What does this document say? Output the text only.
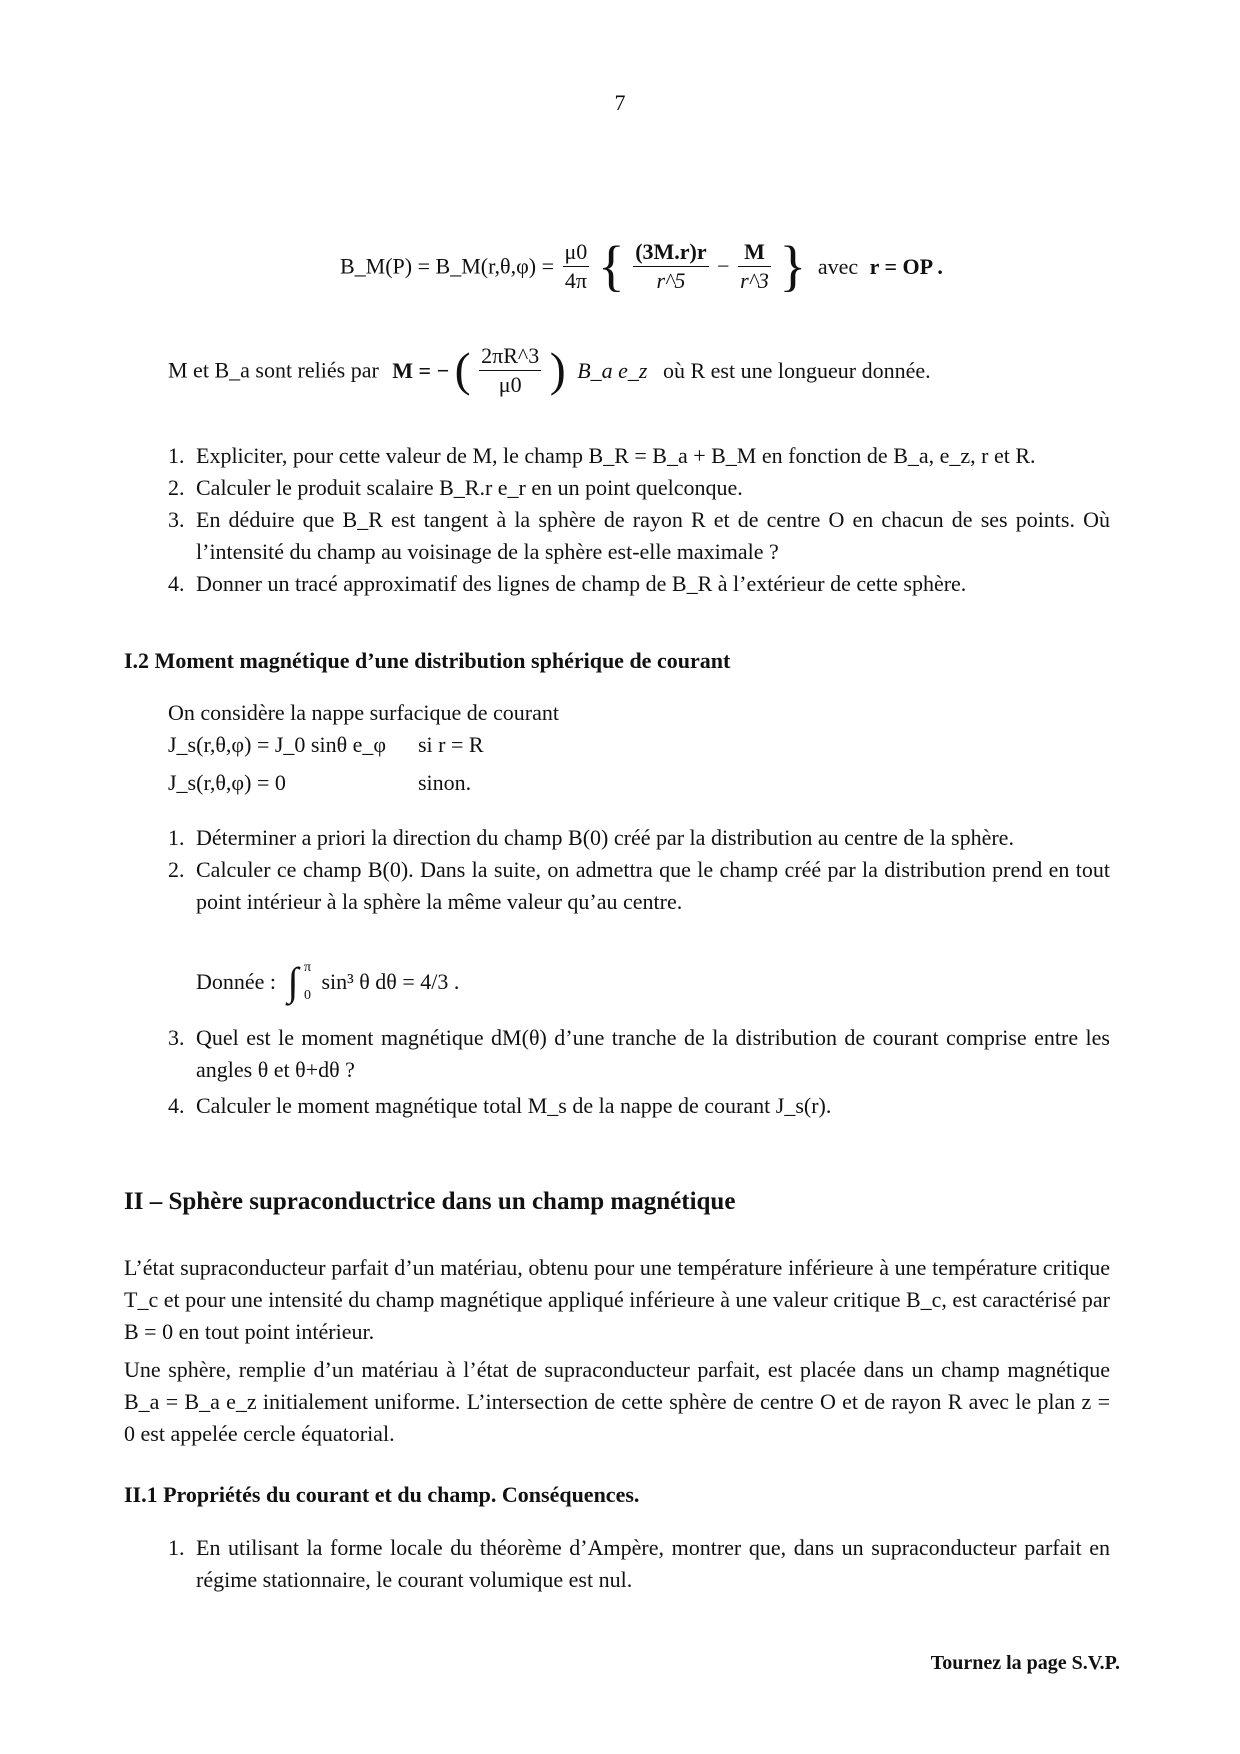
7
B_M(P) = B_M(r,θ,φ) = $\frac{\mu 0}{4\pi}$ { $\frac{(3M.r)r}{r\^{}5} - \frac{M}{r\^{}3}$ } avec r = OP .
M et B_a sont reliés par M = − ( $\frac{2\pi R\^{}3}{\mu 0}$ ) B_a e_z où R est une longueur donnée.
1. Expliciter, pour cette valeur de M, le champ B_R = B_a + B_M en fonction de B_a, e_z, r et R.
2. Calculer le produit scalaire B_R.r e_r en un point quelconque.
3. En déduire que B_R est tangent à la sphère de rayon R et de centre O en chacun de ses points. Où l’intensité du champ au voisinage de la sphère est-elle maximale ?
4. Donner un tracé approximatif des lignes de champ de B_R à l’extérieur de cette sphère.
I.2 Moment magnétique d’une distribution sphérique de courant
On considère la nappe surfacique de courant
J_s(r,θ,φ) = J_0 sinθ e_φ si r = R
J_s(r,θ,φ) = 0	sinon.
1. Déterminer a priori la direction du champ B(0) créé par la distribution au centre de la sphère.
2. Calculer ce champ B(0). Dans la suite, on admettra que le champ créé par la distribution prend en tout point intérieur à la sphère la même valeur qu’au centre.
Donnée : ∫ π
0
sin³ θ dθ = 4/3 .
3. Quel est le moment magnétique dM(θ) d’une tranche de la distribution de courant comprise entre les angles θ et θ+dθ ?
4. Calculer le moment magnétique total M_s de la nappe de courant J_s(r).
II – Sphère supraconductrice dans un champ magnétique
L’état supraconducteur parfait d’un matériau, obtenu pour une température inférieure à une température critique T_c et pour une intensité du champ magnétique appliqué inférieure à une valeur critique B_c, est caractérisé par B = 0 en tout point intérieur.
Une sphère, remplie d’un matériau à l’état de supraconducteur parfait, est placée dans un champ magnétique B_a = B_a e_z initialement uniforme. L’intersection de cette sphère de centre O et de rayon R avec le plan z = 0 est appelée cercle équatorial.
II.1 Propriétés du courant et du champ. Conséquences.
1. En utilisant la forme locale du théorème d’Ampère, montrer que, dans un supraconducteur parfait en régime stationnaire, le courant volumique est nul.
Tournez la page S.V.P.
